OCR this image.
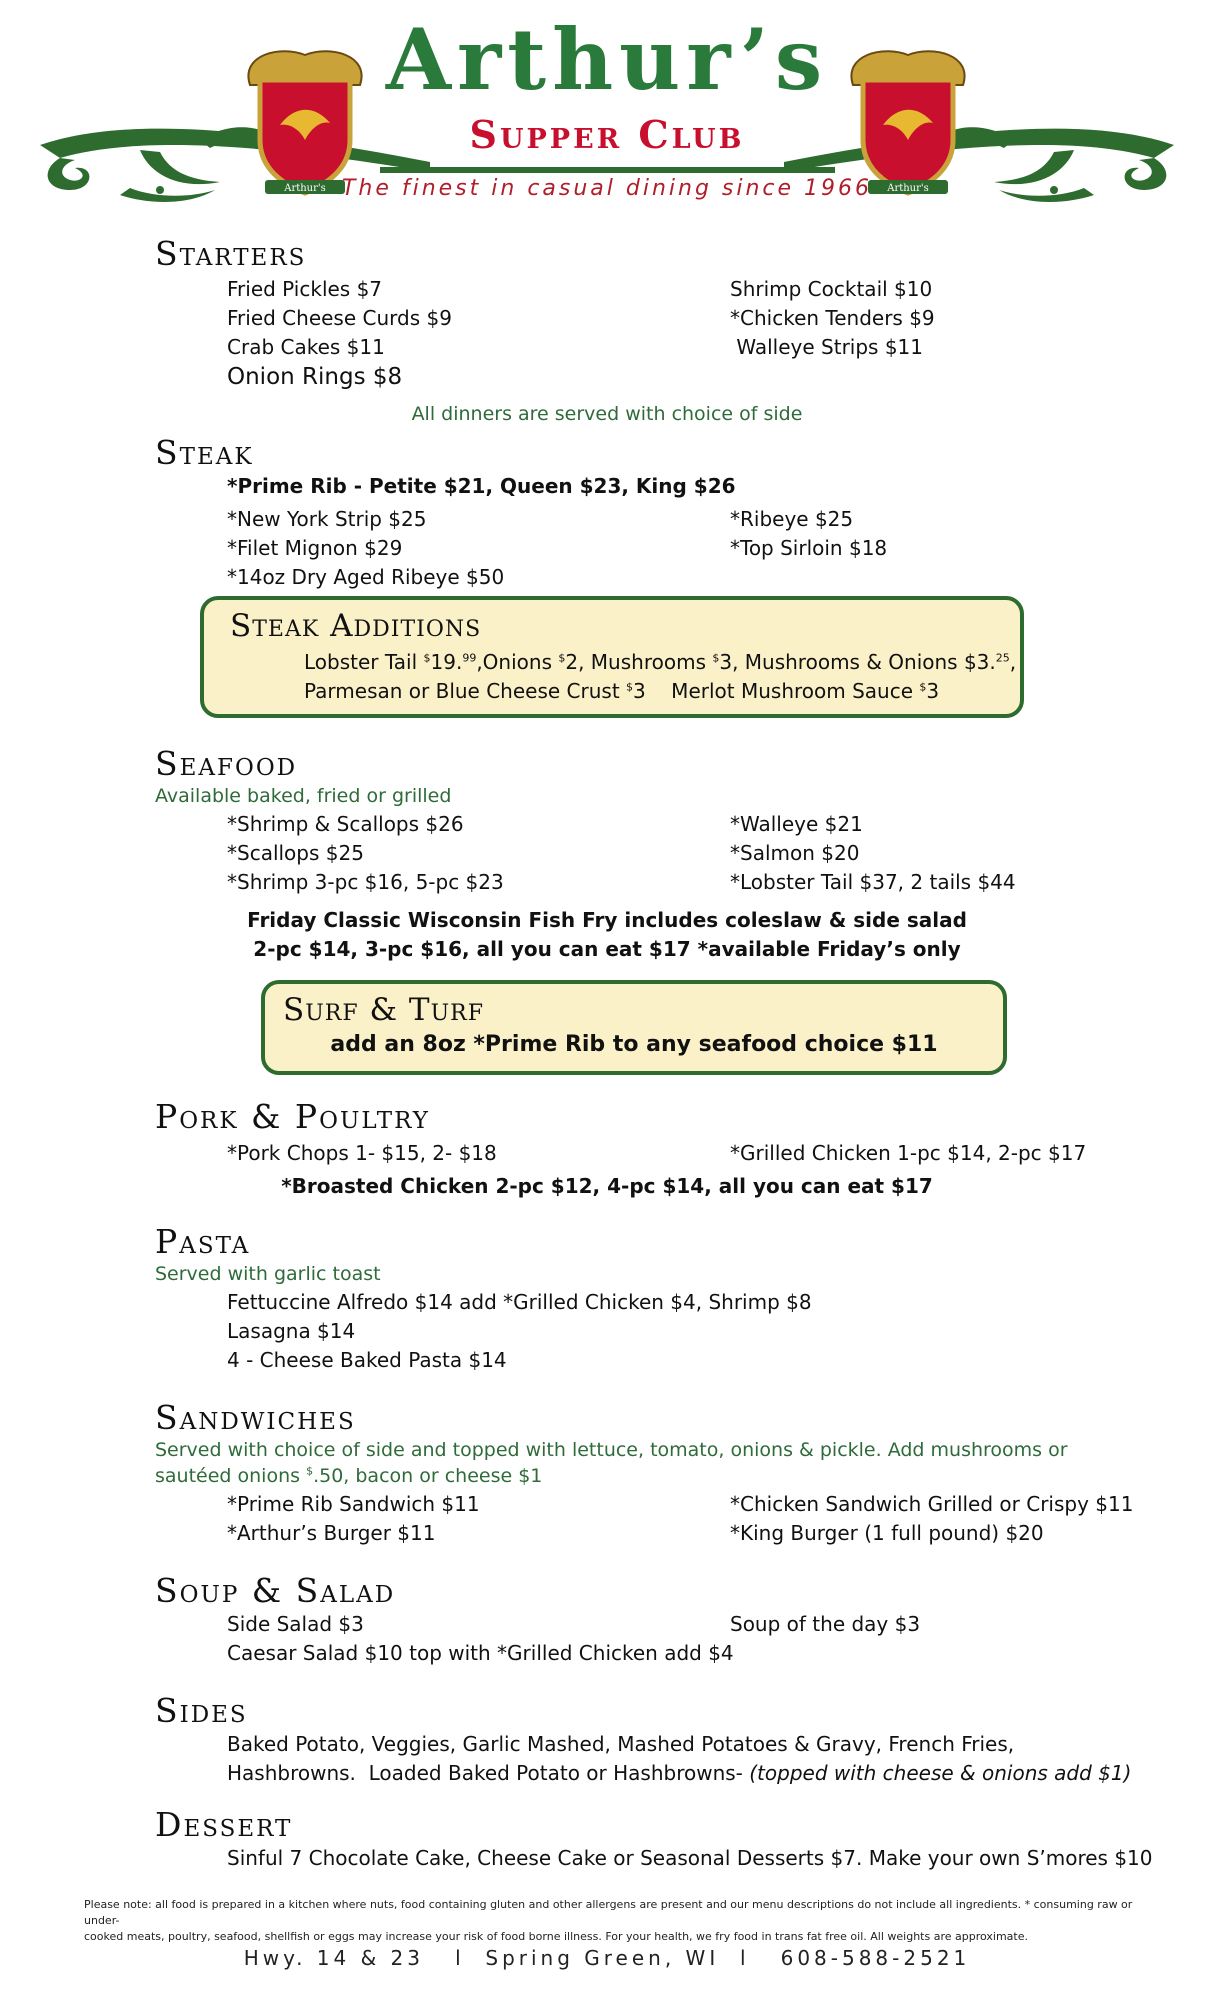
Arthur's	Arthur's
Arthur’s
Supper Club
The finest in casual dining since 1966
Starters
Fried Pickles $7
Fried Cheese Curds $9
Crab Cakes $11
Onion Rings $8
Shrimp Cocktail $10
*Chicken Tenders $9
Walleye Strips $11
All dinners are served with choice of side
Steak
*Prime Rib - Petite $21, Queen $23, King $26
*New York Strip $25
*Filet Mignon $29
*14oz Dry Aged Ribeye $50
*Ribeye $25
*Top Sirloin $18
Steak Additions
Lobster Tail $19.99,Onions $2, Mushrooms $3, Mushrooms & Onions $3.25,
Parmesan or Blue Cheese Crust $3    Merlot Mushroom Sauce $3
Seafood
Available baked, fried or grilled
*Shrimp & Scallops $26
*Scallops $25
*Shrimp 3-pc $16, 5-pc $23
*Walleye $21
*Salmon $20
*Lobster Tail $37, 2 tails $44
Friday Classic Wisconsin Fish Fry includes coleslaw & side salad
2-pc $14, 3-pc $16, all you can eat $17 *available Friday’s only
Surf & Turf
add an 8oz *Prime Rib to any seafood choice $11
Pork & Poultry
*Pork Chops 1- $15, 2- $18	*Grilled Chicken 1-pc $14, 2-pc $17
*Broasted Chicken 2-pc $12, 4-pc $14, all you can eat $17
Pasta
Served with garlic toast
Fettuccine Alfredo $14 add *Grilled Chicken $4, Shrimp $8
Lasagna $14
4 - Cheese Baked Pasta $14
Sandwiches
Served with choice of side and topped with lettuce, tomato, onions & pickle. Add mushrooms or
sautéed onions $.50, bacon or cheese $1
*Prime Rib Sandwich $11
*Arthur’s Burger $11
*Chicken Sandwich Grilled or Crispy $11
*King Burger (1 full pound) $20
Soup & Salad
Side Salad $3
Caesar Salad $10 top with *Grilled Chicken add $4
Soup of the day $3
Sides
Baked Potato, Veggies, Garlic Mashed, Mashed Potatoes & Gravy, French Fries,
Hashbrowns.  Loaded Baked Potato or Hashbrowns- (topped with cheese & onions add $1)
Dessert
Sinful 7 Chocolate Cake, Cheese Cake or Seasonal Desserts $7. Make your own S’mores $10
Please note: all food is prepared in a kitchen where nuts, food containing gluten and other allergens are present and our menu descriptions do not include all ingredients. * consuming raw or under-
cooked meats, poultry, seafood, shellfish or eggs may increase your risk of food borne illness. For your health, we fry food in trans fat free oil. All weights are approximate.
Hwy. 14 & 23 l Spring Green, WI l 608-588-2521
